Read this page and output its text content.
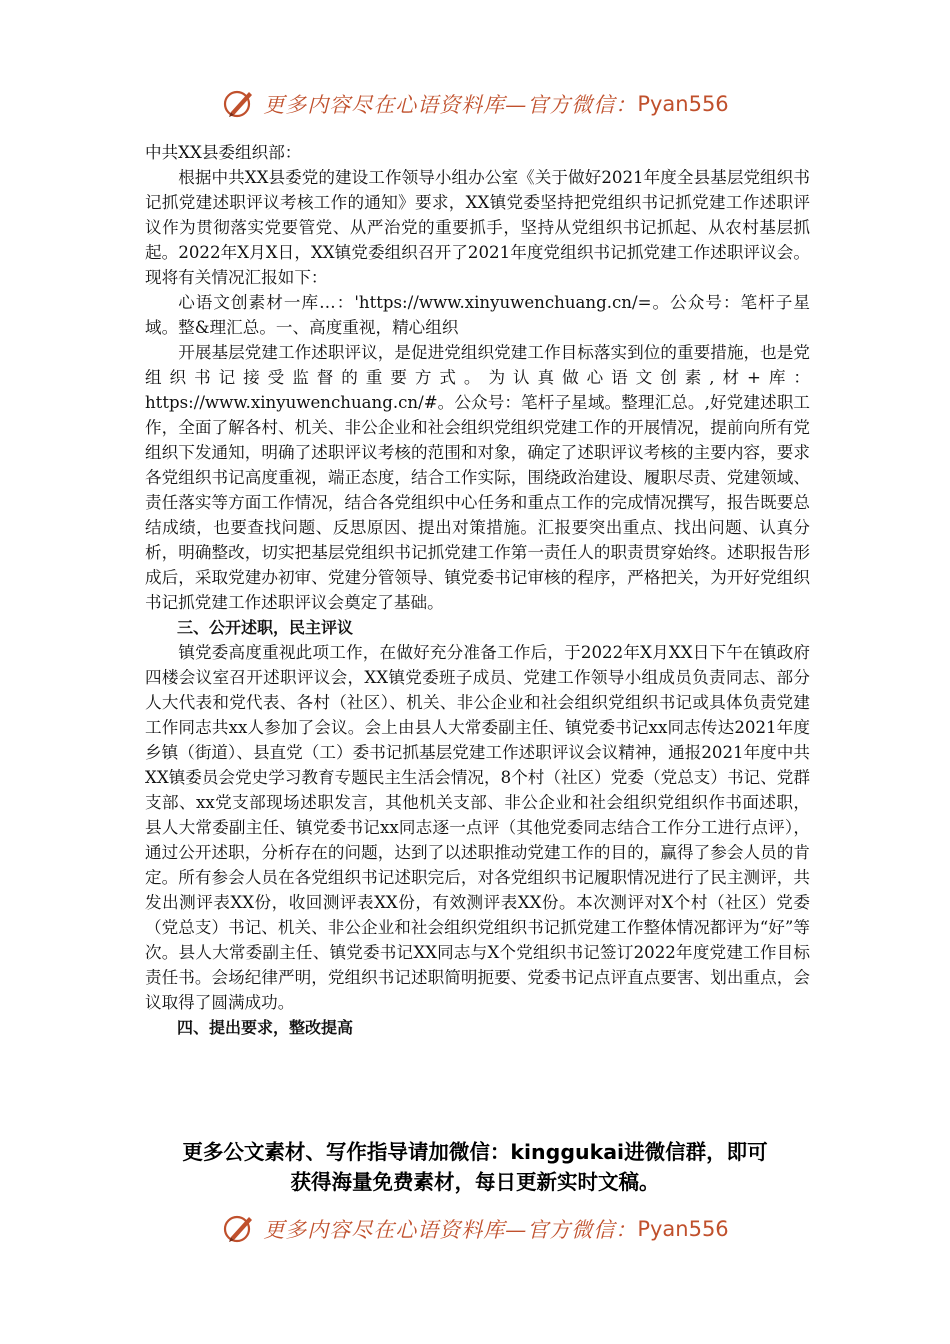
更多内容尽在心语资料库—官方微信： Pyan556

中共XX县委组织部：

根据中共XX县委党的建设工作领导小组办公室《关于做好2021年度全县基层党组织书记抓党建述职评议考核工作的通知》要求，XX镇党委坚持把党组织书记抓党建工作述职评议作为贯彻落实党要管党、从严治党的重要抓手，坚持从党组织书记抓起、从农村基层抓起。2022年X月X日，XX镇党委组织召开了2021年度党组织书记抓党建工作述职评议会。现将有关情况汇报如下：

心语文创素材一库…：'https://www.xinyuwenchuang.cn/=。公众号：笔杆子星域。整&理汇总。一、高度重视，精心组织

开展基层党建工作述职评议，是促进党组织党建工作目标落实到位的重要措施，也是党组织书记接受监督的重要方式。为认真做心语文创素,材+库：https://www.xinyuwenchuang.cn/#。公众号：笔杆子星域。整理汇总。,好党建述职工作，全面了解各村、机关、非公企业和社会组织党组织党建工作的开展情况，提前向所有党组织下发通知，明确了述职评议考核的范围和对象，确定了述职评议考核的主要内容，要求各党组织书记高度重视，端正态度，结合工作实际，围绕政治建设、履职尽责、党建领域、责任落实等方面工作情况，结合各党组织中心任务和重点工作的完成情况撰写，报告既要总结成绩，也要查找问题、反思原因、提出对策措施。汇报要突出重点、找出问题、认真分析，明确整改，切实把基层党组织书记抓党建工作第一责任人的职责贯穿始终。述职报告形成后，采取党建办初审、党建分管领导、镇党委书记审核的程序，严格把关，为开好党组织书记抓党建工作述职评议会奠定了基础。

三、公开述职，民主评议

镇党委高度重视此项工作，在做好充分准备工作后，于2022年X月XX日下午在镇政府四楼会议室召开述职评议会，XX镇党委班子成员、党建工作领导小组成员负责同志、部分人大代表和党代表、各村（社区）、机关、非公企业和社会组织党组织书记或具体负责党建工作同志共xx人参加了会议。会上由县人大常委副主任、镇党委书记xx同志传达2021年度乡镇（街道）、县直党（工）委书记抓基层党建工作述职评议会议精神，通报2021年度中共XX镇委员会党史学习教育专题民主生活会情况，8个村（社区）党委（党总支）书记、党群支部、xx党支部现场述职发言，其他机关支部、非公企业和社会组织党组织作书面述职，县人大常委副主任、镇党委书记xx同志逐一点评（其他党委同志结合工作分工进行点评），通过公开述职，分析存在的问题，达到了以述职推动党建工作的目的，赢得了参会人员的肯定。所有参会人员在各党组织书记述职完后，对各党组织书记履职情况进行了民主测评，共发出测评表XX份，收回测评表XX份，有效测评表XX份。本次测评对X个村（社区）党委（党总支）书记、机关、非公企业和社会组织党组织书记抓党建工作整体情况都评为“好”等次。县人大常委副主任、镇党委书记XX同志与X个党组织书记签订2022年度党建工作目标责任书。会场纪律严明，党组织书记述职简明扼要、党委书记点评直点要害、划出重点，会议取得了圆满成功。

四、提出要求，整改提高

更多公文素材、写作指导请加微信：kinggukai进微信群，即可
获得海量免费素材，每日更新实时文稿。
更多内容尽在心语资料库—官方微信： Pyan556
